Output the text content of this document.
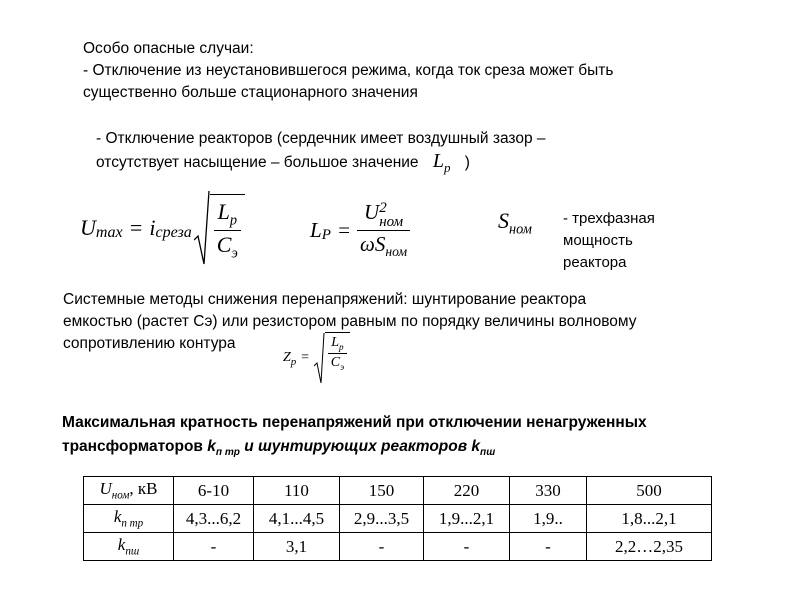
Особо опасные случаи:
- Отключение из неустановившегося режима, когда ток среза может быть
существенно больше стационарного значения
- Отключение реакторов (сердечник имеет воздушный зазор –
отсутствует насыщение – большое значение $L_p$ )
U max = i среза $\frac{L_p}{C_э}$	L P = U 2
ном
$\omega S_{ном}$	$S_{ном}$
- трехфазная
мощность
реактора
Системные методы снижения перенапряжений: шунтирование реактора
емкостью (растет Сэ) или резистором равным по порядку величины волновому
сопротивлению контура
Z $p = \frac{L_p}{C_э}$
Максимальная кратность перенапряжений при отключении ненагруженных
трансформаторов $k_{п тр}$ и шунтирующих реакторов $k_{пш}$
$U_{ном}$, кВ	6-10	110	150	220	330	500
$k_{п тр}$	4,3...6,2	4,1...4,5	2,9...3,5	1,9...2,1	1,9..	1,8...2,1
$k_{пш}$	-	3,1	-	-	-	2,2…2,35
